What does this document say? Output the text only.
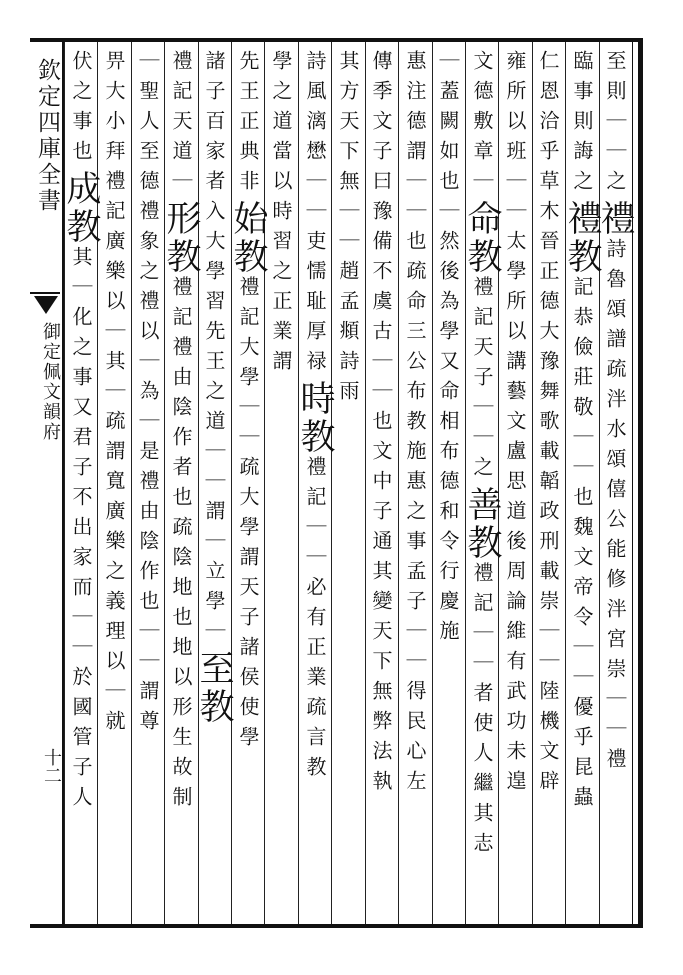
欽定四庫全書
御定佩文韻府
十二
至則｜｜之禮詩魯頌譜疏泮水頌僖公能修泮宮崇｜｜禮
臨事則誨之禮教記恭儉莊敬｜｜也魏文帝令｜｜優乎昆蟲
仁恩洽乎草木晉正德大豫舞歌載韜政刑載崇｜｜陸機文辟
雍所以班｜｜太學所以講藝文盧思道後周論維有武功未遑
文德敷章｜命教禮記天子｜｜之善教禮記｜｜者使人繼其志
｜蓋闕如也｜然後為學又命相布德和令行慶施
惠注德謂｜｜也疏命三公布教施惠之事孟子｜｜得民心左
傳季文子曰豫備不虞古｜｜也文中子通其變天下無弊法執
其方天下無｜｜趙孟頫詩雨
詩風漓懋｜｜吏懦耻厚禄時教禮記｜｜必有正業疏言教
學之道當以時習之正業謂
先王正典非始教禮記大學｜｜疏大學謂天子諸侯使學
諸子百家者入大學習先王之道｜｜謂｜立學｜至教
禮記天道｜形教禮記禮由陰作者也疏陰地也地以形生故制
｜聖人至德禮象之禮以｜為｜是禮由陰作也｜｜謂尊
畀大小拜禮記廣樂以｜其｜疏謂寬廣樂之義理以｜就
伏之事也成教其｜化之事又君子不出家而｜｜於國管子人
